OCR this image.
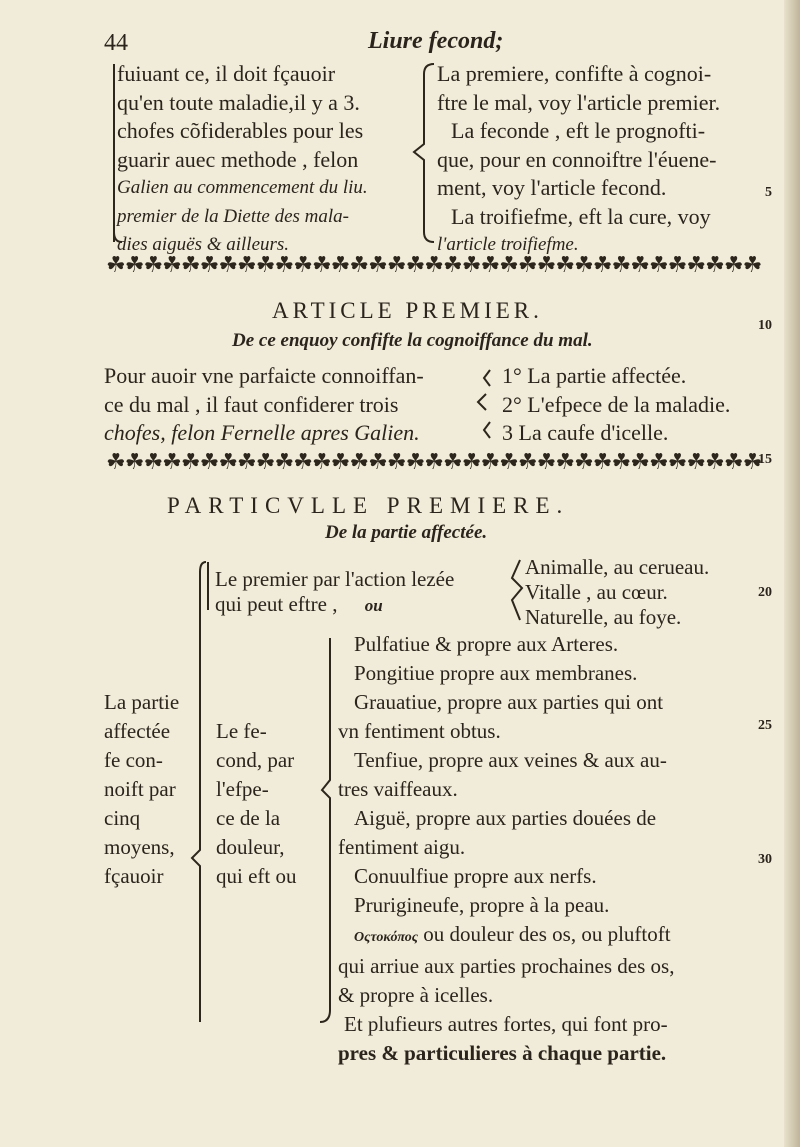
44	Liure fecond;
fuiuant ce, il doit fçauoir
qu'en toute maladie,il y a 3.
chofes cõfiderables pour les
guarir auec methode , felon
Galien au commencement du liu.
premier de la Diette des mala-
dies aiguës & ailleurs.
La premiere, confifte à cognoi-
ftre le mal, voy l'article premier.
La feconde , eft le prognofti-
que, pour en connoiftre l'éuene-
ment, voy l'article fecond.
La troifiefme, eft la cure, voy
l'article troifiefme.
☘☘☘☘☘☘☘☘☘☘☘☘☘☘☘☘☘☘☘☘☘☘☘☘☘☘☘☘☘☘☘☘☘☘☘
ARTICLE PREMIER.
De ce enquoy confifte la cognoiffance du mal.
Pour auoir vne parfaicte connoiffan-
ce du mal , il faut confiderer trois
chofes, felon Fernelle apres Galien.
1° La partie affectée.
2° L'efpece de la maladie.
3 La caufe d'icelle.
☘☘☘☘☘☘☘☘☘☘☘☘☘☘☘☘☘☘☘☘☘☘☘☘☘☘☘☘☘☘☘☘☘☘☘
PARTICVLLE PREMIERE.
De la partie affectée.
La partie
affectée
fe con-
noift par
cinq
moyens,
fçauoir
Le fe-
cond, par
l'efpe-
ce de la
douleur,
qui eft ou
Le premier par l'action lezée
qui peut eftre , ou
Animalle, au cerueau.
Vitalle , au cœur.
Naturelle, au foye.
Pulfatiue & propre aux Arteres.
Pongitiue propre aux membranes.
Grauatiue, propre aux parties qui ont
vn fentiment obtus.
Tenfiue, propre aux veines & aux au-
tres vaiffeaux.
Aiguë, propre aux parties douées de
fentiment aigu.
Conuulfiue propre aux nerfs.
Prurigineufe, propre à la peau.
Οςτοκόπος ou douleur des os, ou pluftoft
qui arriue aux parties prochaines des os,
& propre à icelles.
Et plufieurs autres fortes, qui font pro-
pres & particulieres à chaque partie.
5
10
15
20
25
30
